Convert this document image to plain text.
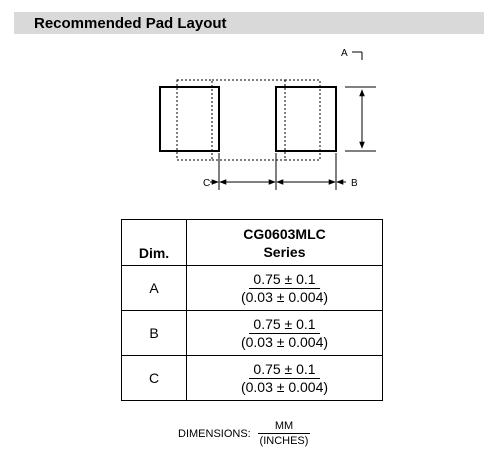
Recommended Pad Layout
A
C	B
Dim.	CG0603MLC
Series
A	0.75 ± 0.1
(0.03 ± 0.004)

B	0.75 ± 0.1
(0.03 ± 0.004)

C	0.75 ± 0.1
(0.03 ± 0.004)
DIMENSIONS:
MM
(INCHES)
